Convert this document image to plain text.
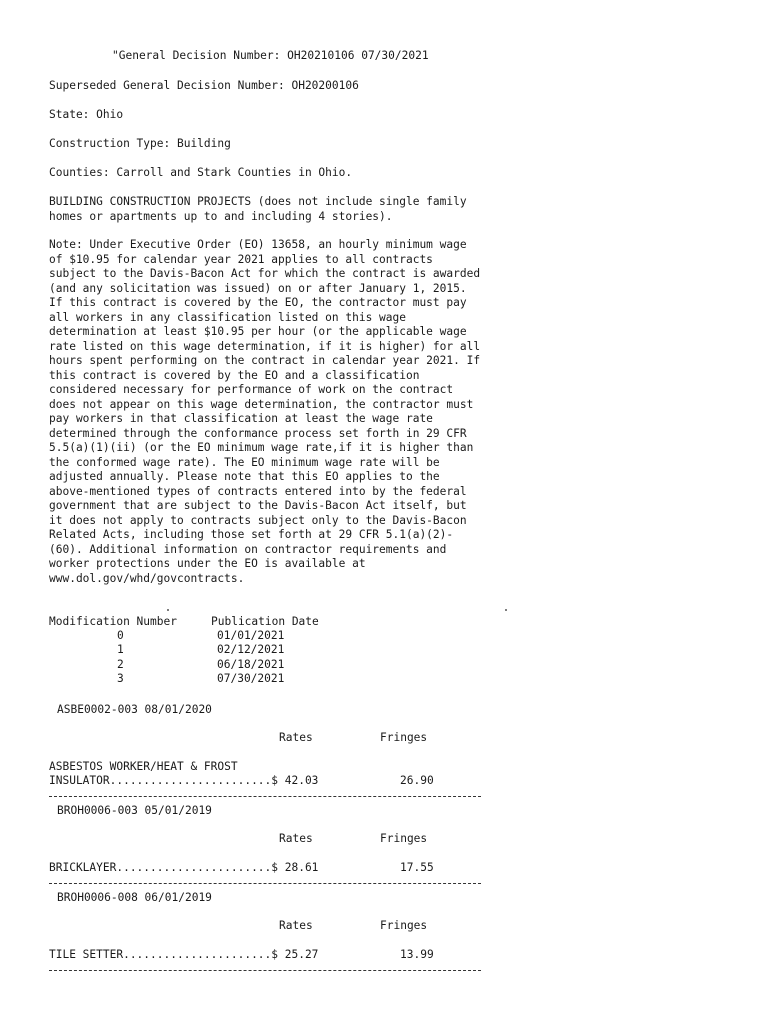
"General Decision Number: OH20210106 07/30/2021
Superseded General Decision Number: OH20200106
State: Ohio
Construction Type: Building
Counties: Carroll and Stark Counties in Ohio.

BUILDING CONSTRUCTION PROJECTS (does not include single family homes or apartments up to and including 4 stories).

Note: Under Executive Order (EO) 13658, an hourly minimum wage of $10.95 for calendar year 2021 applies to all contracts subject to the Davis-Bacon Act for which the contract is awarded (and any solicitation was issued) on or after January 1, 2015. If this contract is covered by the EO, the contractor must pay all workers in any classification listed on this wage determination at least $10.95 per hour (or the applicable wage rate listed on this wage determination, if it is higher) for all hours spent performing on the contract in calendar year 2021. If this contract is covered by the EO and a classification considered necessary for performance of work on the contract does not appear on this wage determination, the contractor must pay workers in that classification at least the wage rate determined through the conformance process set forth in 29 CFR 5.5(a)(1)(ii) (or the EO minimum wage rate,if it is higher than the conformed wage rate). The EO minimum wage rate will be adjusted annually. Please note that this EO applies to the above-mentioned types of contracts entered into by the federal government that are subject to the Davis-Bacon Act itself, but it does not apply to contracts subject only to the Davis-Bacon Related Acts, including those set forth at 29 CFR 5.1(a)(2)-(60). Additional information on contractor requirements and worker protections under the EO is available at www.dol.gov/whd/govcontracts.

Modification Number	Publication Date
0	01/01/2021
1	02/12/2021
2	06/18/2021
3	07/30/2021
ASBE0002-003 08/01/2020
Rates	Fringes
ASBESTOS WORKER/HEAT & FROST
INSULATOR........................$ 42.03	26.90
BROH0006-003 05/01/2019
Rates	Fringes
BRICKLAYER.......................$ 28.61	17.55
BROH0006-008 06/01/2019
Rates	Fringes
TILE SETTER......................$ 25.27	13.99
